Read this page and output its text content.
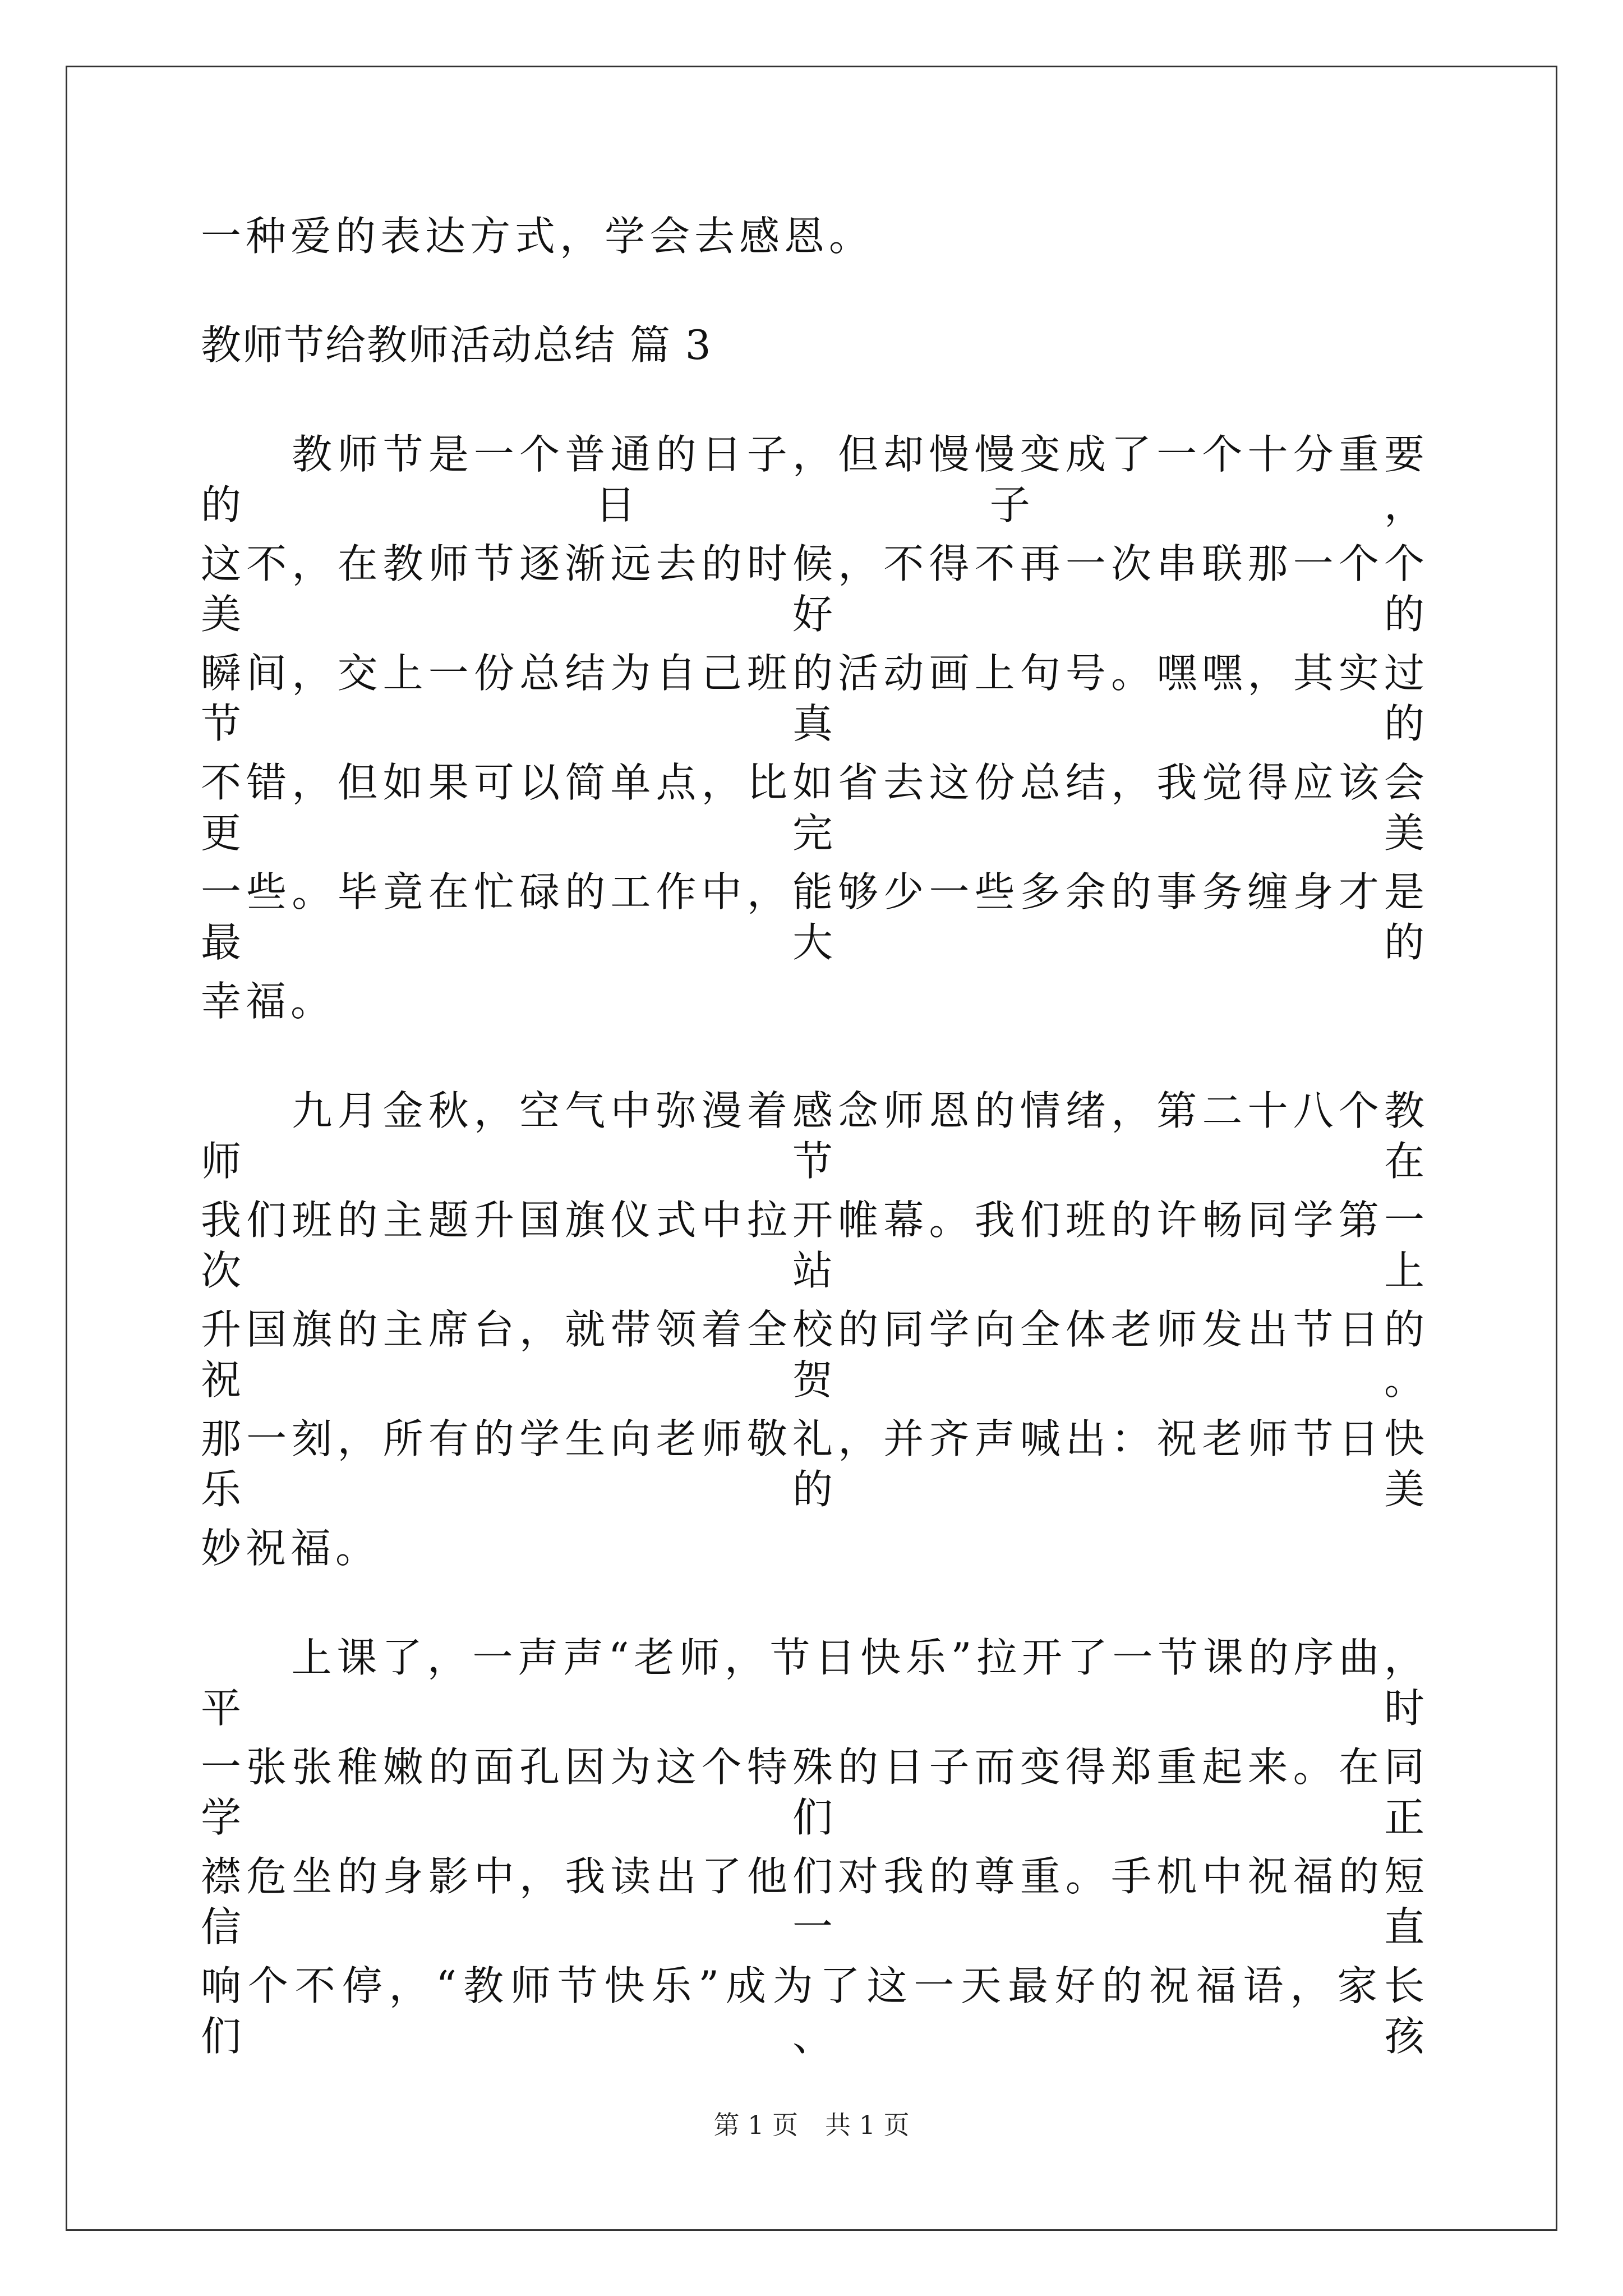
一种爱的表达方式，学会去感恩。
教师节给教师活动总结 篇 3
　　教师节是一个普通的日子，但却慢慢变成了一个十分重要的日子，
这不，在教师节逐渐远去的时候，不得不再一次串联那一个个美好的
瞬间，交上一份总结为自己班的活动画上句号。嘿嘿，其实过节真的
不错，但如果可以简单点，比如省去这份总结，我觉得应该会更完美
一些。毕竟在忙碌的工作中，能够少一些多余的事务缠身才是最大的
幸福。
　　九月金秋，空气中弥漫着感念师恩的情绪，第二十八个教师节在
我们班的主题升国旗仪式中拉开帷幕。我们班的许畅同学第一次站上
升国旗的主席台，就带领着全校的同学向全体老师发出节日的祝贺。
那一刻，所有的学生向老师敬礼，并齐声喊出：祝老师节日快乐的美
妙祝福。
　　上课了，一声声“老师，节日快乐”拉开了一节课的序曲，平时
一张张稚嫩的面孔因为这个特殊的日子而变得郑重起来。在同学们正
襟危坐的身影中，我读出了他们对我的尊重。手机中祝福的短信一直
响个不停，“教师节快乐”成为了这一天最好的祝福语，家长们、孩
第 1 页 共 1 页
